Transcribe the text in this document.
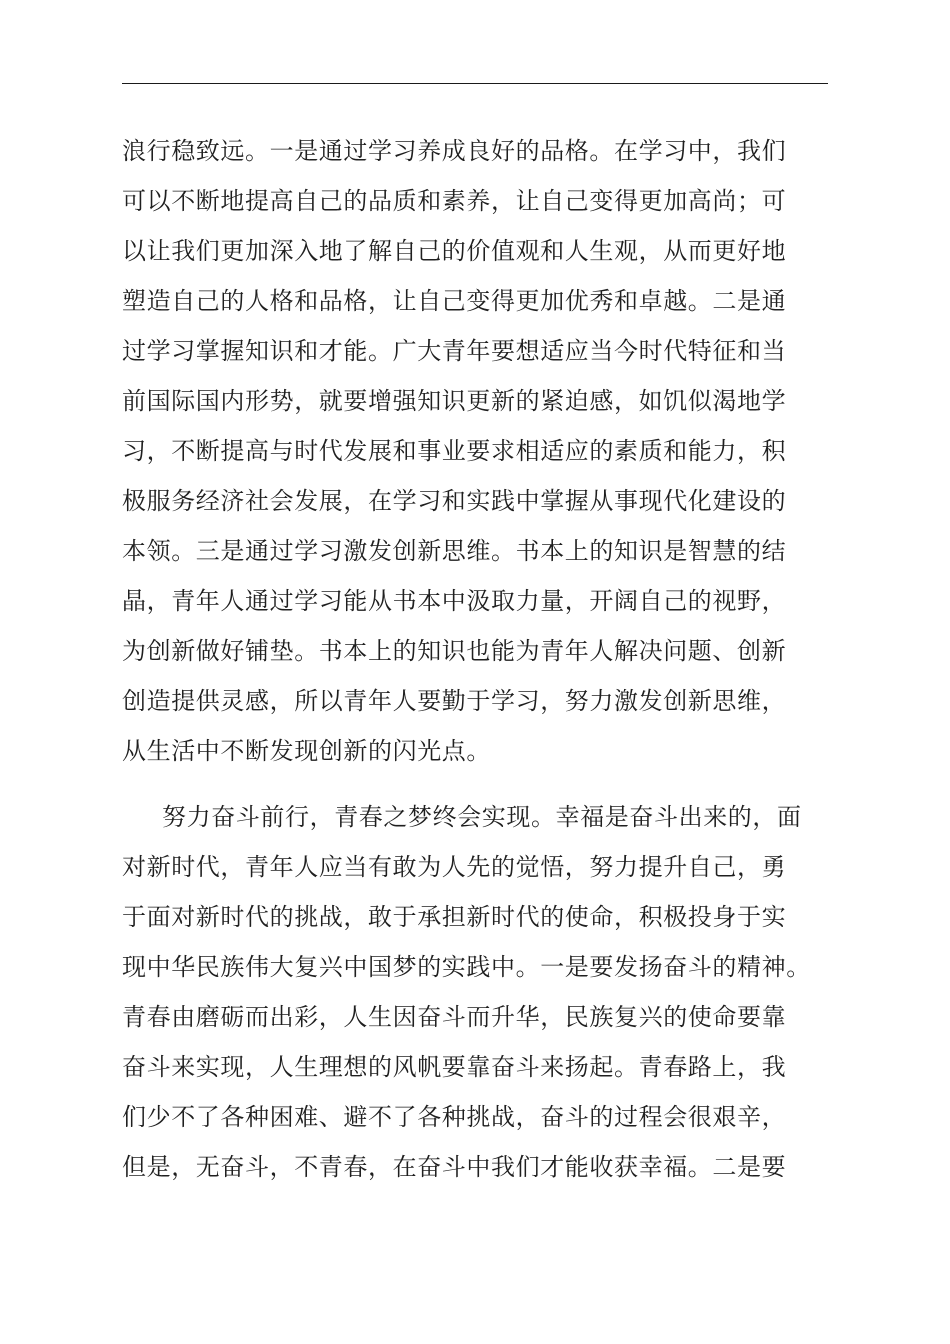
浪行稳致远。一是通过学习养成良好的品格。在学习中，我们
可以不断地提高自己的品质和素养，让自己变得更加高尚；可
以让我们更加深入地了解自己的价值观和人生观，从而更好地
塑造自己的人格和品格，让自己变得更加优秀和卓越。二是通
过学习掌握知识和才能。广大青年要想适应当今时代特征和当
前国际国内形势，就要增强知识更新的紧迫感，如饥似渴地学
习，不断提高与时代发展和事业要求相适应的素质和能力，积
极服务经济社会发展，在学习和实践中掌握从事现代化建设的
本领。三是通过学习激发创新思维。书本上的知识是智慧的结
晶，青年人通过学习能从书本中汲取力量，开阔自己的视野，
为创新做好铺垫。书本上的知识也能为青年人解决问题、创新
创造提供灵感，所以青年人要勤于学习，努力激发创新思维，
从生活中不断发现创新的闪光点。
努力奋斗前行，青春之梦终会实现。幸福是奋斗出来的，面
对新时代，青年人应当有敢为人先的觉悟，努力提升自己，勇
于面对新时代的挑战，敢于承担新时代的使命，积极投身于实
现中华民族伟大复兴中国梦的实践中。一是要发扬奋斗的精神。
青春由磨砺而出彩，人生因奋斗而升华，民族复兴的使命要靠
奋斗来实现，人生理想的风帆要靠奋斗来扬起。青春路上，我
们少不了各种困难、避不了各种挑战，奋斗的过程会很艰辛，
但是，无奋斗，不青春，在奋斗中我们才能收获幸福。二是要
